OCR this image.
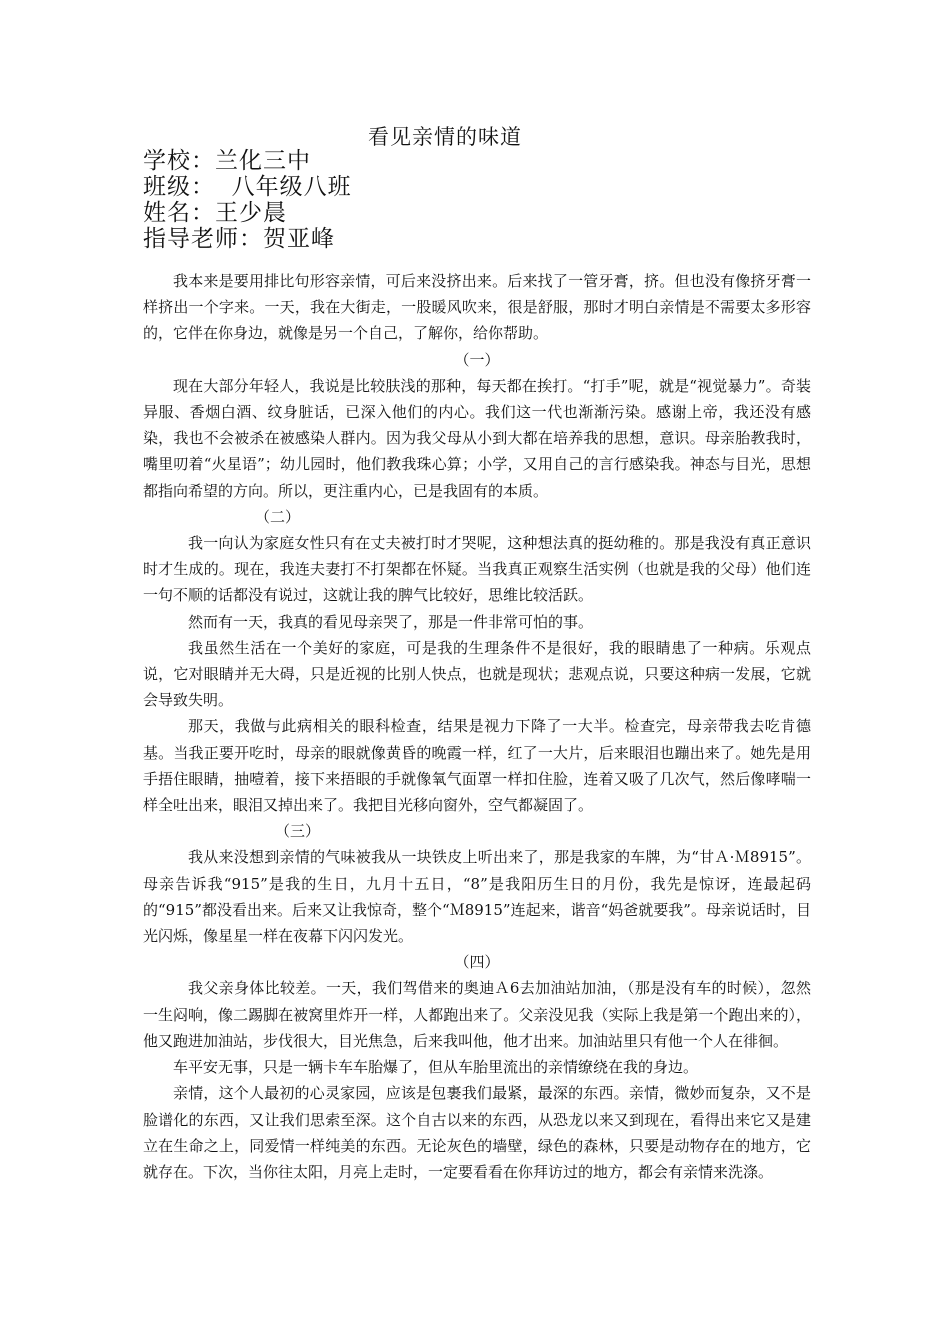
看见亲情的味道
学校：兰化三中
班级：  八年级八班
姓名：王少晨
指导老师：贺亚峰

我本来是要用排比句形容亲情，可后来没挤出来。后来找了一管牙膏，挤。但也没有像挤牙膏一样挤出一个字来。一天，我在大街走，一股暖风吹来，很是舒服，那时才明白亲情是不需要太多形容的，它伴在你身边，就像是另一个自己，了解你，给你帮助。

（一）

现在大部分年轻人，我说是比较肤浅的那种，每天都在挨打。“打手”呢，就是“视觉暴力”。奇装异服、香烟白酒、纹身脏话，已深入他们的内心。我们这一代也渐渐污染。感谢上帝，我还没有感染，我也不会被杀在被感染人群内。因为我父母从小到大都在培养我的思想，意识。母亲胎教我时，嘴里叨着“火星语”；幼儿园时，他们教我珠心算；小学，又用自己的言行感染我。神态与目光，思想都指向希望的方向。所以，更注重内心，已是我固有的本质。

（二）

我一向认为家庭女性只有在丈夫被打时才哭呢，这种想法真的挺幼稚的。那是我没有真正意识时才生成的。现在，我连夫妻打不打架都在怀疑。当我真正观察生活实例（也就是我的父母）他们连一句不顺的话都没有说过，这就让我的脾气比较好，思维比较活跃。

然而有一天，我真的看见母亲哭了，那是一件非常可怕的事。

我虽然生活在一个美好的家庭，可是我的生理条件不是很好，我的眼睛患了一种病。乐观点说，它对眼睛并无大碍，只是近视的比别人快点，也就是现状；悲观点说，只要这种病一发展，它就会导致失明。

那天，我做与此病相关的眼科检查，结果是视力下降了一大半。检查完，母亲带我去吃肯德基。当我正要开吃时，母亲的眼就像黄昏的晚霞一样，红了一大片，后来眼泪也蹦出来了。她先是用手捂住眼睛，抽噎着，接下来捂眼的手就像氧气面罩一样扣住脸，连着又吸了几次气，然后像哮喘一样全吐出来，眼泪又掉出来了。我把目光移向窗外，空气都凝固了。

（三）

我从来没想到亲情的气味被我从一块铁皮上听出来了，那是我家的车牌，为“甘Ａ·Ｍ8915”。母亲告诉我“915”是我的生日，九月十五日，“8”是我阳历生日的月份，我先是惊讶，连最起码的“915”都没看出来。后来又让我惊奇，整个“Ｍ8915”连起来，谐音“妈爸就要我”。母亲说话时，目光闪烁，像星星一样在夜幕下闪闪发光。

（四）

我父亲身体比较差。一天，我们驾借来的奥迪Ａ6去加油站加油，（那是没有车的时候），忽然一生闷响，像二踢脚在被窝里炸开一样，人都跑出来了。父亲没见我（实际上我是第一个跑出来的），他又跑进加油站，步伐很大，目光焦急，后来我叫他，他才出来。加油站里只有他一个人在徘徊。

车平安无事，只是一辆卡车车胎爆了，但从车胎里流出的亲情缭绕在我的身边。

亲情，这个人最初的心灵家园，应该是包裹我们最紧，最深的东西。亲情，微妙而复杂，又不是脸谱化的东西，又让我们思索至深。这个自古以来的东西，从恐龙以来又到现在，看得出来它又是建立在生命之上，同爱情一样纯美的东西。无论灰色的墙壁，绿色的森林，只要是动物存在的地方，它就存在。下次，当你往太阳，月亮上走时，一定要看看在你拜访过的地方，都会有亲情来洗涤。
